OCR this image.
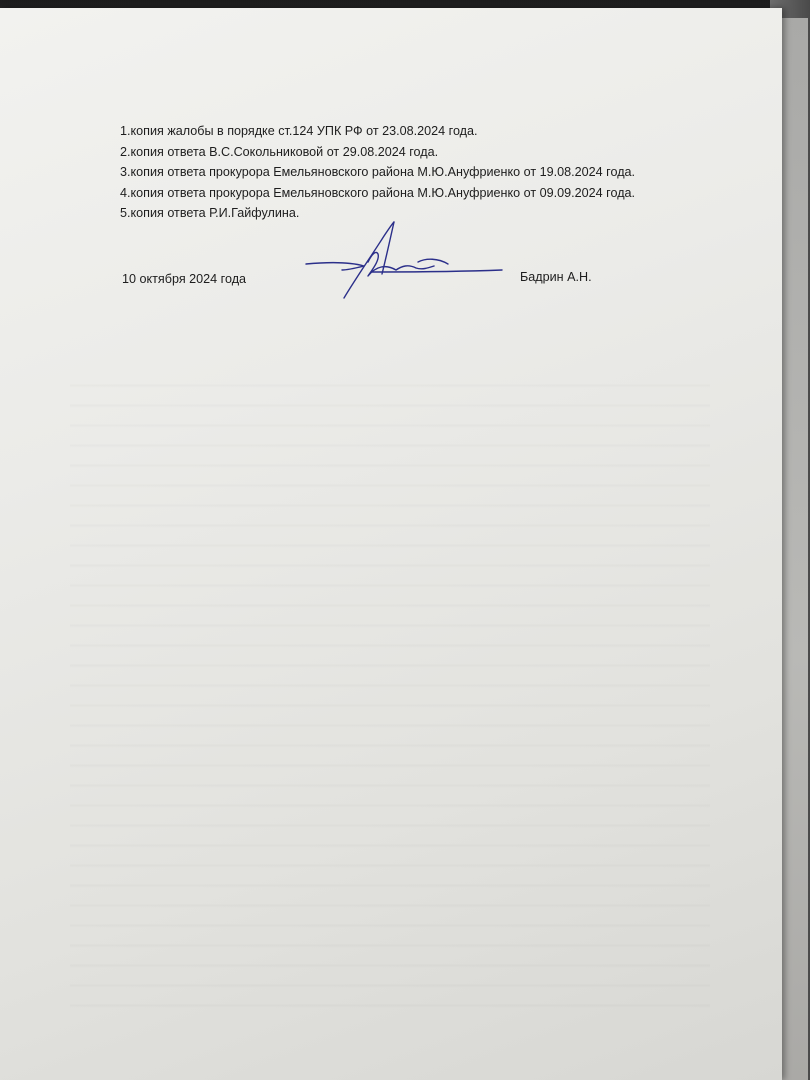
1.копия жалобы в порядке ст.124 УПК РФ от 23.08.2024 года.
2.копия ответа В.С.Сокольниковой от 29.08.2024 года.
3.копия ответа прокурора Емельяновского района М.Ю.Ануфриенко от 19.08.2024 года.
4.копия ответа прокурора Емельяновского района М.Ю.Ануфриенко от 09.09.2024 года.
5.копия ответа Р.И.Гайфулина.
10 октября 2024 года	Бадрин А.Н.
